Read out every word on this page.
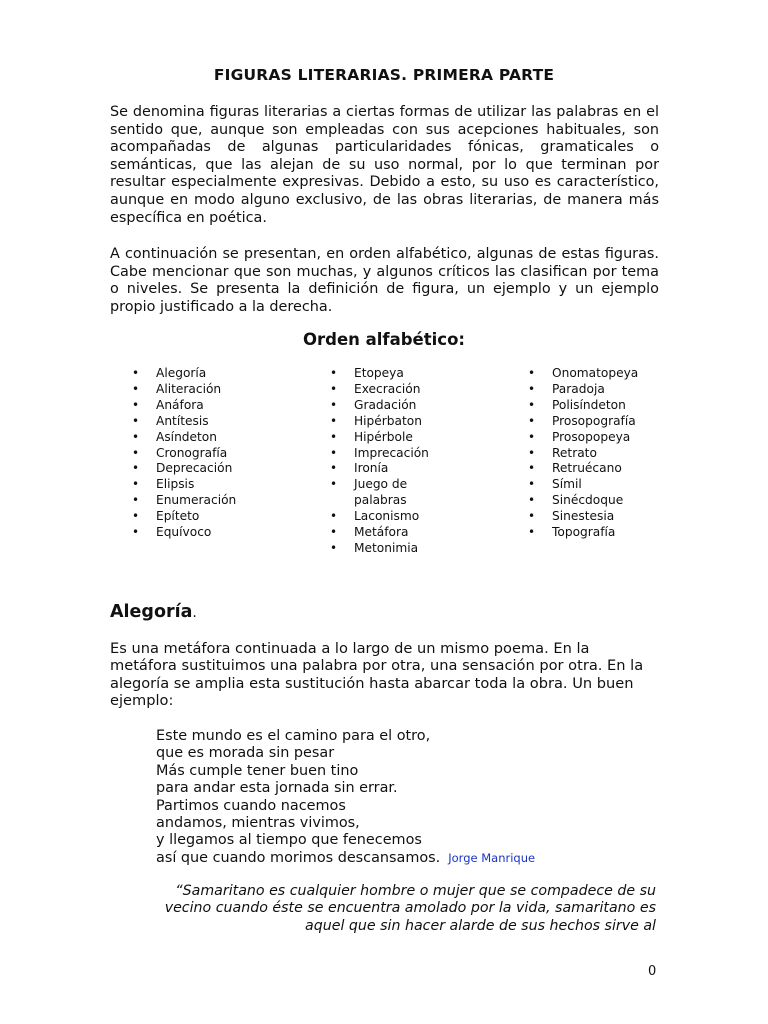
FIGURAS LITERARIAS. PRIMERA PARTE

Se denomina figuras literarias a ciertas formas de utilizar las palabras en el sentido que, aunque son empleadas con sus acepciones habituales, son acompañadas de algunas particularidades fónicas, gramaticales o semánticas, que las alejan de su uso normal, por lo que terminan por resultar especialmente expresivas. Debido a esto, su uso es característico, aunque en modo alguno exclusivo, de las obras literarias, de manera más específica en poética.

A continuación se presentan, en orden alfabético, algunas de estas figuras. Cabe mencionar que son muchas, y algunos críticos las clasifican por tema o niveles. Se presenta la definición de figura, un ejemplo y un ejemplo propio justificado a la derecha.

Orden alfabético:
• Alegoría
• Aliteración
• Anáfora
• Antítesis
• Asíndeton
• Cronografía
• Deprecación
• Elipsis
• Enumeración
• Epíteto
• Equívoco
• Etopeya
• Execración
• Gradación
• Hipérbaton
• Hipérbole
• Imprecación
• Ironía
• Juego de palabras
• Laconismo
• Metáfora
• Metonimia
• Onomatopeya
• Paradoja
• Polisíndeton
• Prosopografía
• Prosopopeya
• Retrato
• Retruécano
• Símil
• Sinécdoque
• Sinestesia
• Topografía
Alegoría.

Es una metáfora continuada a lo largo de un mismo poema. En la metáfora sustituimos una palabra por otra, una sensación por otra. En la alegoría se amplia esta sustitución hasta abarcar toda la obra. Un buen ejemplo:

Este mundo es el camino para el otro,
que es morada sin pesar
Más cumple tener buen tino
para andar esta jornada sin errar.
Partimos cuando nacemos
andamos, mientras vivimos,
y llegamos al tiempo que fenecemos
así que cuando morimos descansamos. Jorge Manrique

“Samaritano es cualquier hombre o mujer que se compadece de su vecino cuando éste se encuentra amolado por la vida, samaritano es aquel que sin hacer alarde de sus hechos sirve al

0
